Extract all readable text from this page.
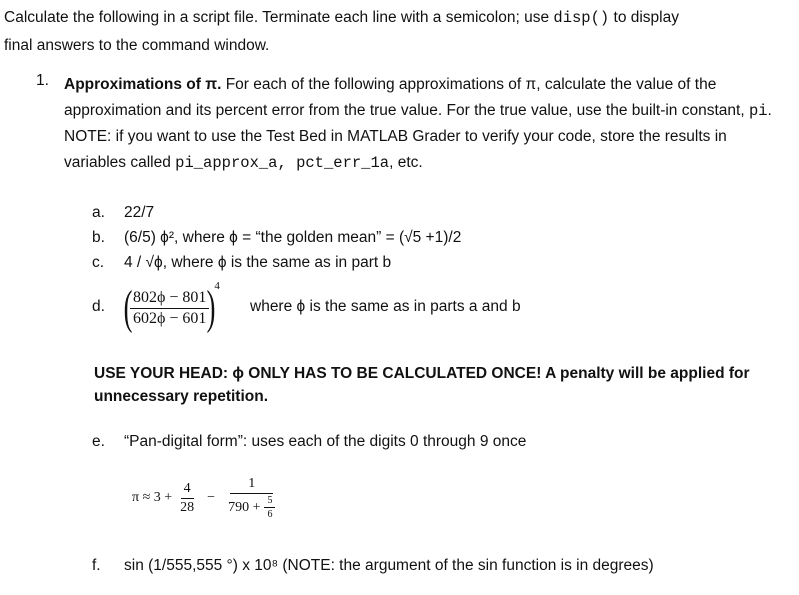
Calculate the following in a script file. Terminate each line with a semicolon; use disp() to display
final answers to the command window.
1. Approximations of π. For each of the following approximations of π, calculate the value of the approximation and its percent error from the true value. For the true value, use the built-in constant, pi. NOTE: if you want to use the Test Bed in MATLAB Grader to verify your code, store the results in variables called pi_approx_a, pct_err_1a, etc.
a. 22/7
b. (6/5) ϕ², where ϕ = “the golden mean” = (√5 +1)/2
c. 4 / √ϕ, where ϕ is the same as in part b
d. (
$\frac{802\phi - 801}{602\phi - 601}$
)
4
where ϕ is the same as in parts a and b
USE YOUR HEAD: ϕ ONLY HAS TO BE CALCULATED ONCE! A penalty will be applied for unnecessary repetition.
e. “Pan-digital form”: uses each of the digits 0 through 9 once
$\pi \approx 3 + \frac{4}{28} - \frac{1}{790 + \frac{5}{6}}$
f. sin (1/555,555 °) x 10⁸ (NOTE: the argument of the sin function is in degrees)
